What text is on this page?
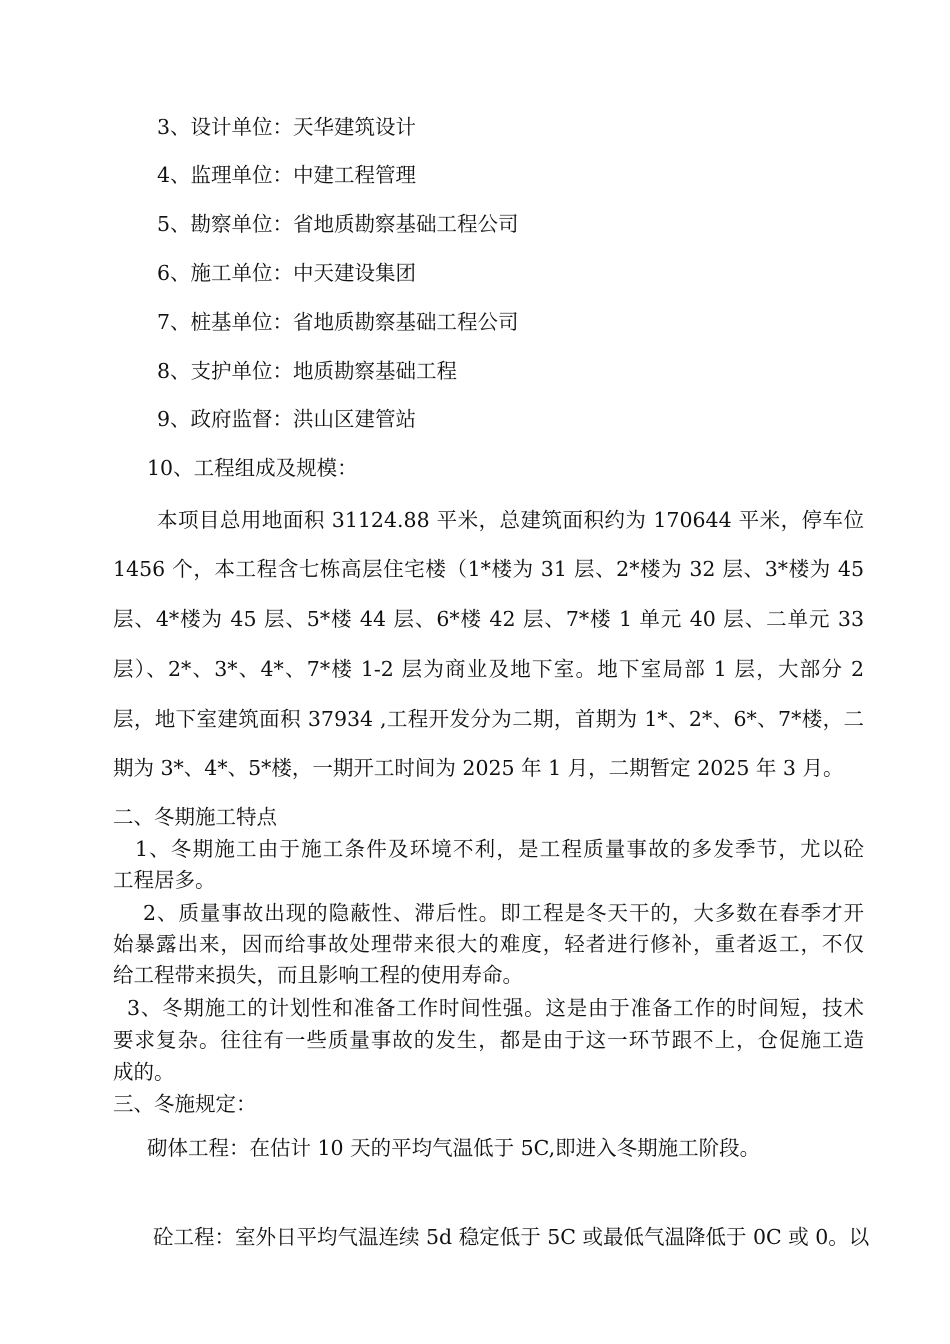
3、设计单位：天华建筑设计
4、监理单位：中建工程管理
5、勘察单位：省地质勘察基础工程公司
6、施工单位：中天建设集团
7、桩基单位：省地质勘察基础工程公司
8、支护单位：地质勘察基础工程
9、政府监督：洪山区建管站
10、工程组成及规模：
本项目总用地面积 31124.88 平米，总建筑面积约为 170644 平米，停车位
1456 个，本工程含七栋高层住宅楼（1*楼为 31 层、2*楼为 32 层、3*楼为 45
层、4*楼为 45 层、5*楼 44 层、6*楼 42 层、7*楼 1 单元 40 层、二单元 33
层）、2*、3*、4*、7*楼 1-2 层为商业及地下室。地下室局部 1 层，大部分 2
层，地下室建筑面积 37934 ,工程开发分为二期，首期为 1*、2*、6*、7*楼，二
期为 3*、4*、5*楼，一期开工时间为 2025 年 1 月，二期暂定 2025 年 3 月。
二、冬期施工特点
1、冬期施工由于施工条件及环境不利，是工程质量事故的多发季节，尤以砼
工程居多。
2、质量事故出现的隐蔽性、滞后性。即工程是冬天干的，大多数在春季才开
始暴露出来，因而给事故处理带来很大的难度，轻者进行修补，重者返工，不仅
给工程带来损失，而且影响工程的使用寿命。
3、冬期施工的计划性和准备工作时间性强。这是由于准备工作的时间短，技术
要求复杂。往往有一些质量事故的发生，都是由于这一环节跟不上，仓促施工造
成的。
三、冬施规定：
砌体工程：在估计 10 天的平均气温低于 5C,即进入冬期施工阶段。
砼工程：室外日平均气温连续 5d 稳定低于 5C 或最低气温降低于 0C 或 0。以
